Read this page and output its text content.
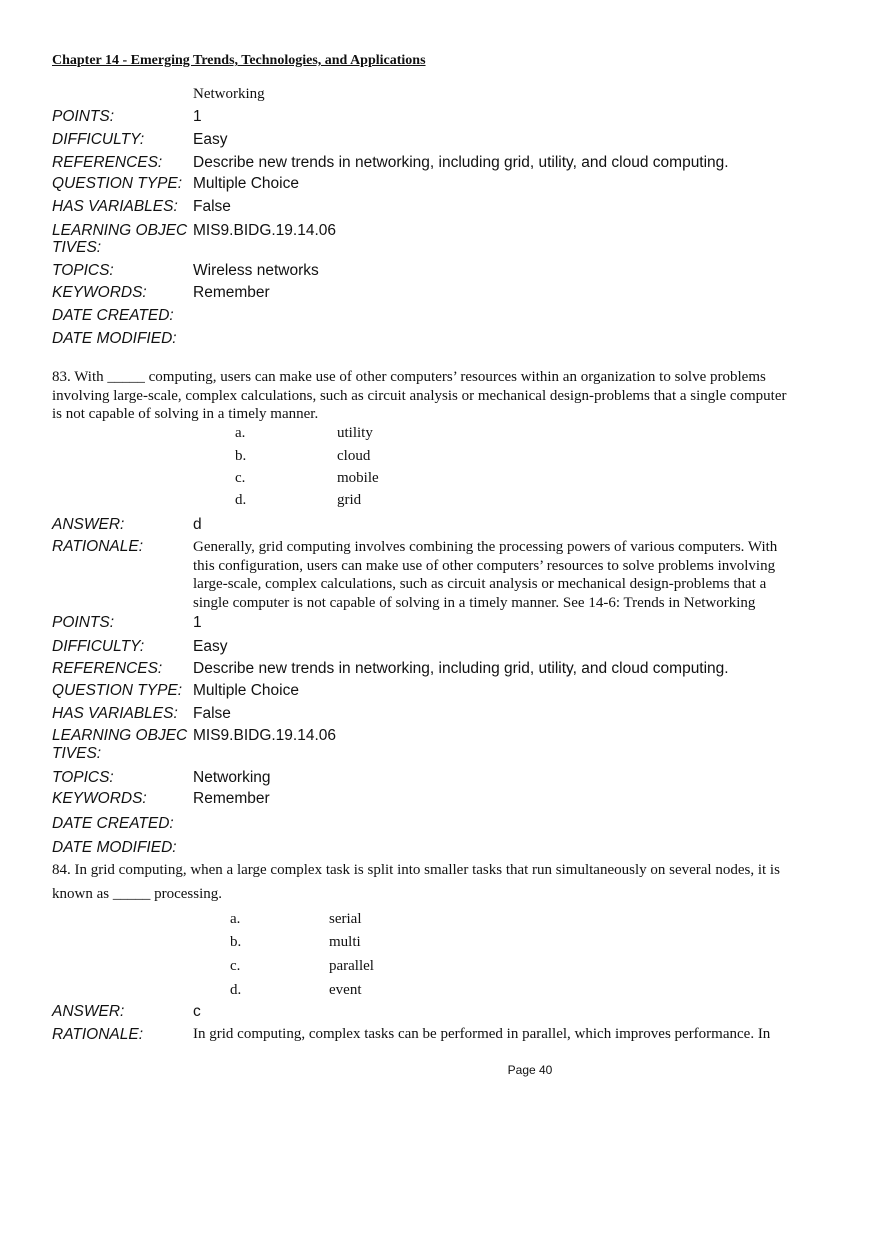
Chapter 14 - Emerging Trends, Technologies, and Applications
Networking
POINTS:	1
DIFFICULTY:	Easy
REFERENCES: Describe new trends in networking, including grid, utility, and cloud computing.
QUESTION TYPE: Multiple Choice
HAS VARIABLES: False
LEARNING OBJEC
TIVES:
MIS9.BIDG.19.14.06
TOPICS:	Wireless networks
KEYWORDS:	Remember
DATE CREATED:
DATE MODIFIED:
83. With _____ computing, users can make use of other computers’ resources within an organization to solve problems
involving large-scale, complex calculations, such as circuit analysis or mechanical design-problems that a single computer
is not capable of solving in a timely manner.
a.	utility
b.	cloud
c.	mobile
d.	grid
ANSWER:	d
RATIONALE:	Generally, grid computing involves combining the processing powers of various computers. With
this configuration, users can make use of other computers’ resources to solve problems involving
large-scale, complex calculations, such as circuit analysis or mechanical design-problems that a
single computer is not capable of solving in a timely manner. See 14-6: Trends in Networking
POINTS:	1
DIFFICULTY:	Easy
REFERENCES: Describe new trends in networking, including grid, utility, and cloud computing.
QUESTION TYPE: Multiple Choice
HAS VARIABLES: False
LEARNING OBJEC
TIVES:
MIS9.BIDG.19.14.06
TOPICS:	Networking
KEYWORDS:	Remember
DATE CREATED:
DATE MODIFIED:
84. In grid computing, when a large complex task is split into smaller tasks that run simultaneously on several nodes, it is
known as _____ processing.
a.	serial
b.	multi
c.	parallel
d.	event
ANSWER:	c
RATIONALE:	In grid computing, complex tasks can be performed in parallel, which improves performance. In
Page 40
